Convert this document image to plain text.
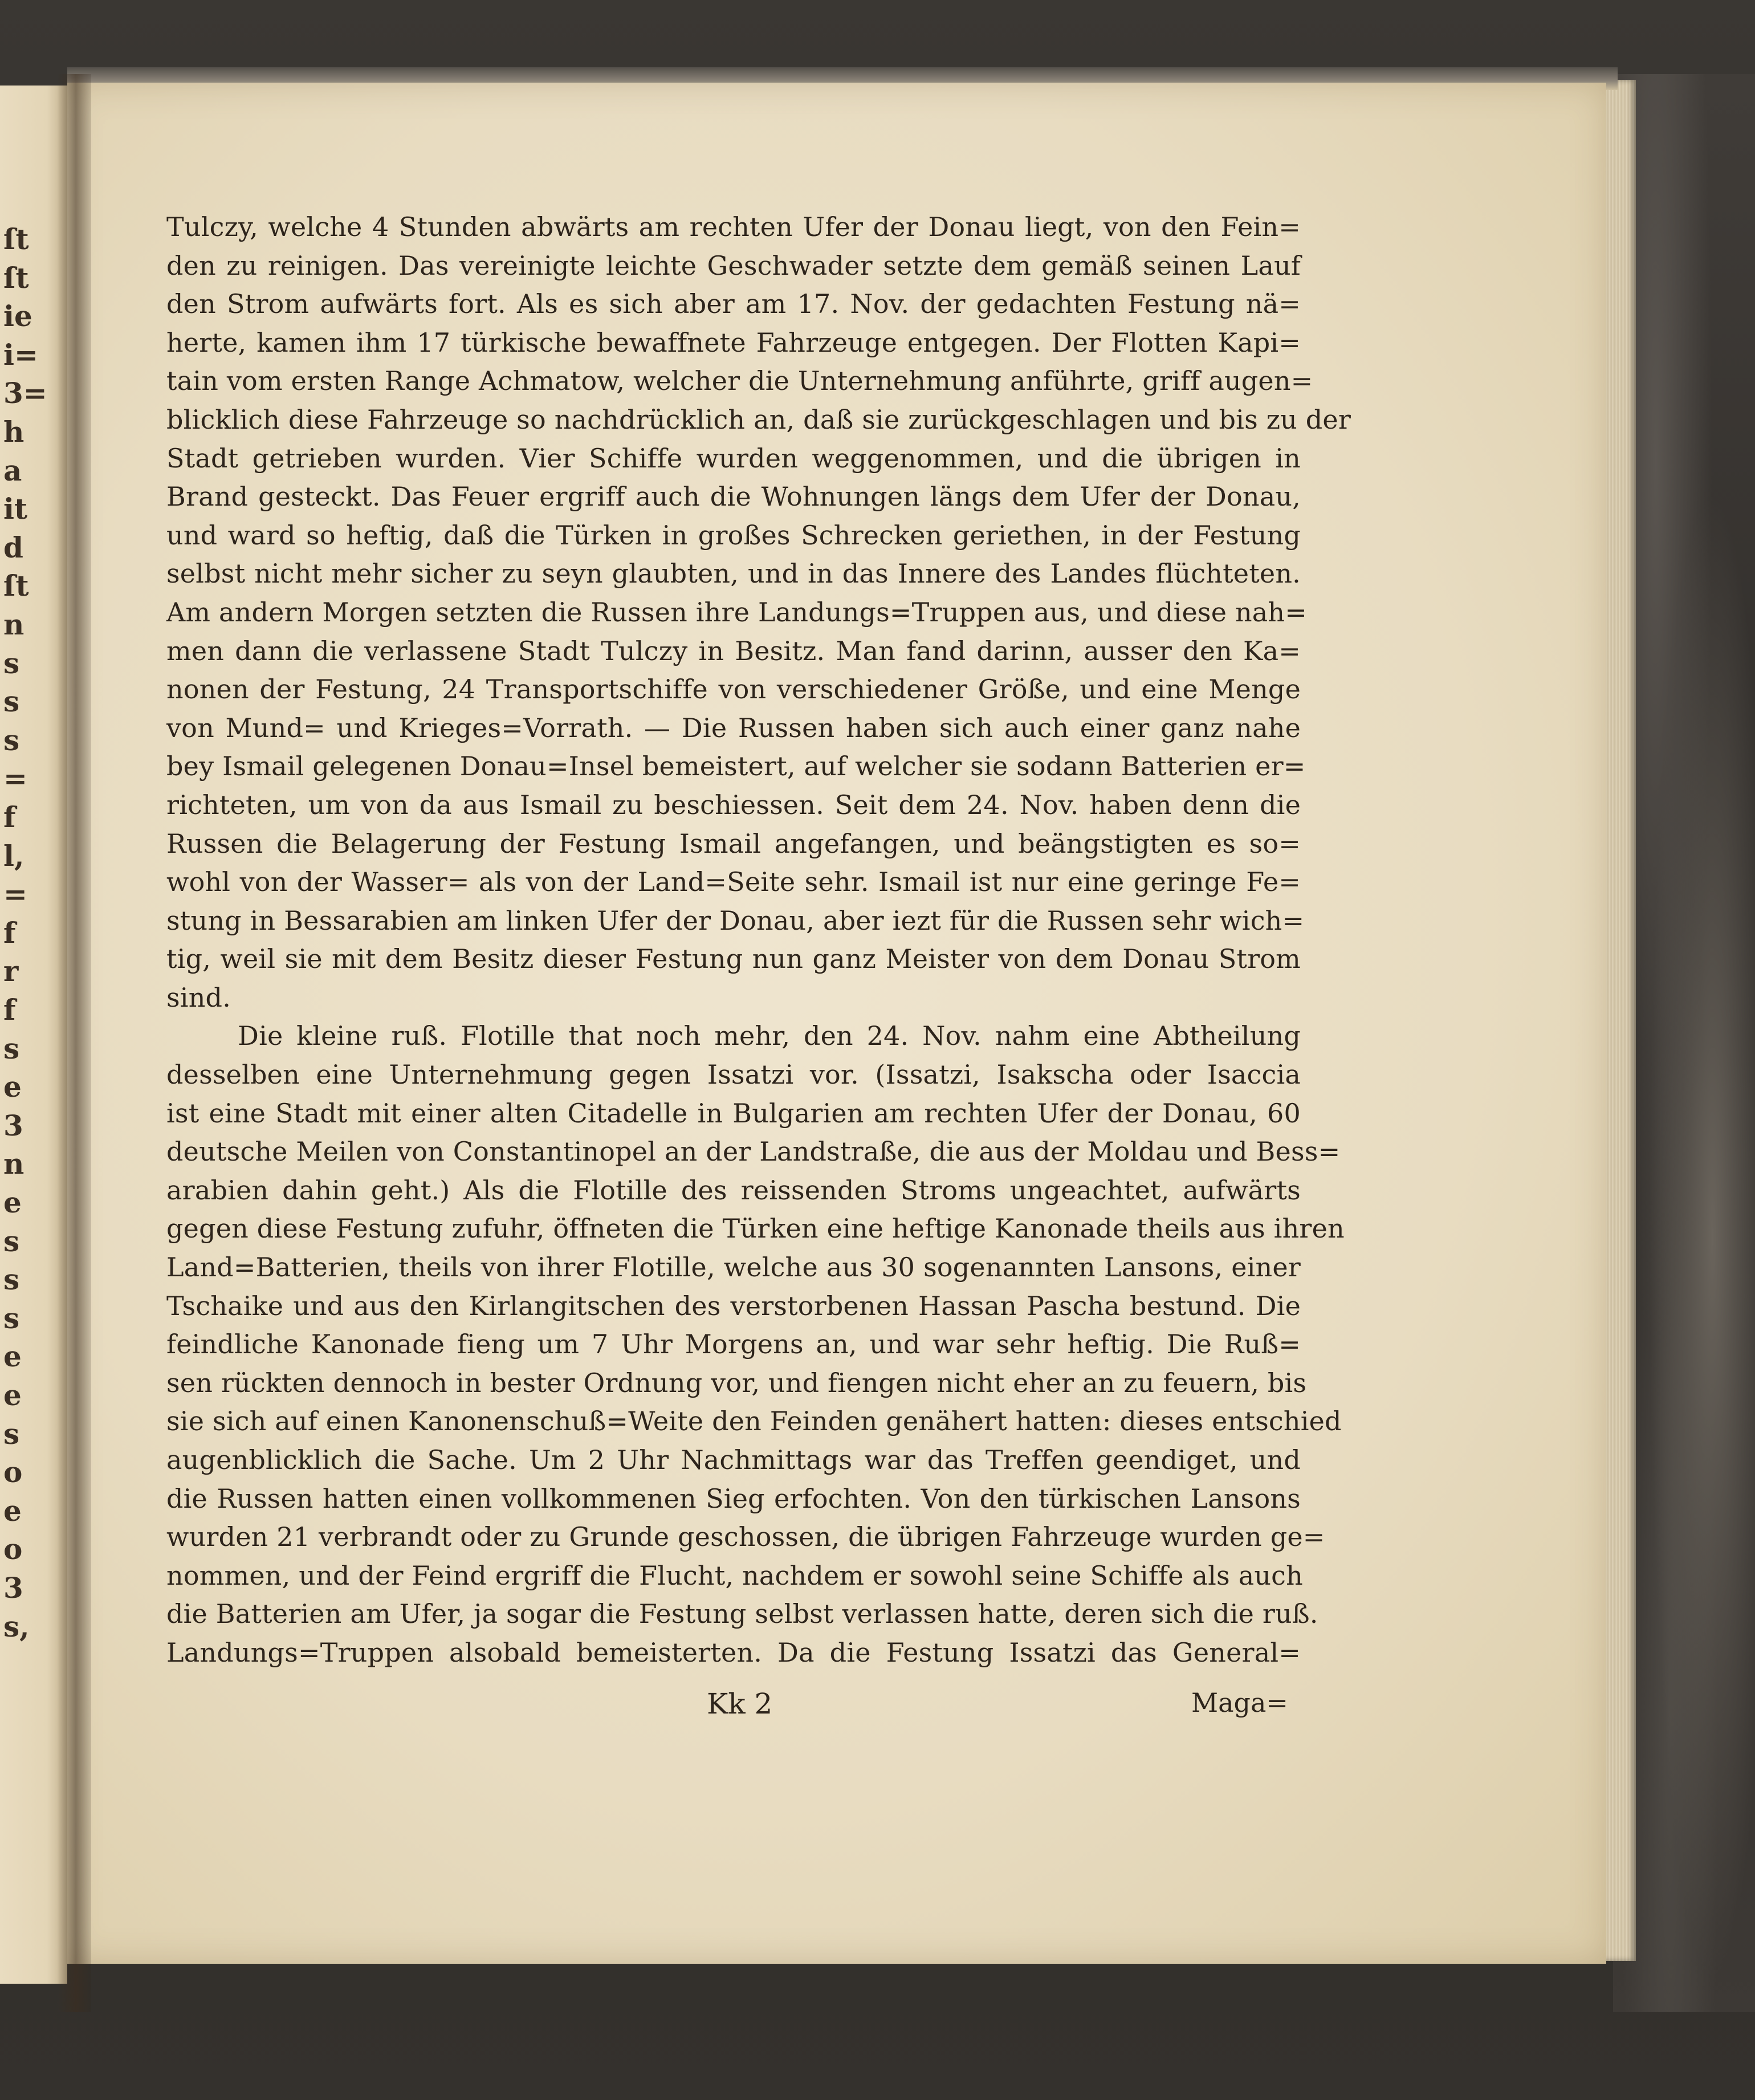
ſt
ſt
ie
i=
3=
h
a
it
d
ſt
n
s
s
s
=
f
l,
=
f
r
f
s
e
3
n
e
s
s
s
e
e
s
o
e
o
3
s,
Tulczy, welche 4 Stunden abwärts am rechten Ufer der Donau liegt, von den Fein=
den zu reinigen. Das vereinigte leichte Geschwader setzte dem gemäß seinen Lauf
den Strom aufwärts fort. Als es sich aber am 17. Nov. der gedachten Festung nä=
herte, kamen ihm 17 türkische bewaffnete Fahrzeuge entgegen. Der Flotten Kapi=
tain vom ersten Range Achmatow, welcher die Unternehmung anführte, griff augen=
blicklich diese Fahrzeuge so nachdrücklich an, daß sie zurückgeschlagen und bis zu der
Stadt getrieben wurden. Vier Schiffe wurden weggenommen, und die übrigen in
Brand gesteckt. Das Feuer ergriff auch die Wohnungen längs dem Ufer der Donau,
und ward so heftig, daß die Türken in großes Schrecken geriethen, in der Festung
selbst nicht mehr sicher zu seyn glaubten, und in das Innere des Landes flüchteten.
Am andern Morgen setzten die Russen ihre Landungs=Truppen aus, und diese nah=
men dann die verlassene Stadt Tulczy in Besitz. Man fand darinn, ausser den Ka=
nonen der Festung, 24 Transportschiffe von verschiedener Größe, und eine Menge
von Mund= und Krieges=Vorrath. — Die Russen haben sich auch einer ganz nahe
bey Ismail gelegenen Donau=Insel bemeistert, auf welcher sie sodann Batterien er=
richteten, um von da aus Ismail zu beschiessen. Seit dem 24. Nov. haben denn die
Russen die Belagerung der Festung Ismail angefangen, und beängstigten es so=
wohl von der Wasser= als von der Land=Seite sehr. Ismail ist nur eine geringe Fe=
stung in Bessarabien am linken Ufer der Donau, aber iezt für die Russen sehr wich=
tig, weil sie mit dem Besitz dieser Festung nun ganz Meister von dem Donau Strom
sind.
Die kleine ruß. Flotille that noch mehr, den 24. Nov. nahm eine Abtheilung
desselben eine Unternehmung gegen Issatzi vor. (Issatzi, Isakscha oder Isaccia
ist eine Stadt mit einer alten Citadelle in Bulgarien am rechten Ufer der Donau, 60
deutsche Meilen von Constantinopel an der Landstraße, die aus der Moldau und Bess=
arabien dahin geht.) Als die Flotille des reissenden Stroms ungeachtet, aufwärts
gegen diese Festung zufuhr, öffneten die Türken eine heftige Kanonade theils aus ihren
Land=Batterien, theils von ihrer Flotille, welche aus 30 sogenannten Lansons, einer
Tschaike und aus den Kirlangitschen des verstorbenen Hassan Pascha bestund. Die
feindliche Kanonade fieng um 7 Uhr Morgens an, und war sehr heftig. Die Ruß=
sen rückten dennoch in bester Ordnung vor, und fiengen nicht eher an zu feuern, bis
sie sich auf einen Kanonenschuß=Weite den Feinden genähert hatten: dieses entschied
augenblicklich die Sache. Um 2 Uhr Nachmittags war das Treffen geendiget, und
die Russen hatten einen vollkommenen Sieg erfochten. Von den türkischen Lansons
wurden 21 verbrandt oder zu Grunde geschossen, die übrigen Fahrzeuge wurden ge=
nommen, und der Feind ergriff die Flucht, nachdem er sowohl seine Schiffe als auch
die Batterien am Ufer, ja sogar die Festung selbst verlassen hatte, deren sich die ruß.
Landungs=Truppen alsobald bemeisterten. Da die Festung Issatzi das General=
Kk 2	Maga=
